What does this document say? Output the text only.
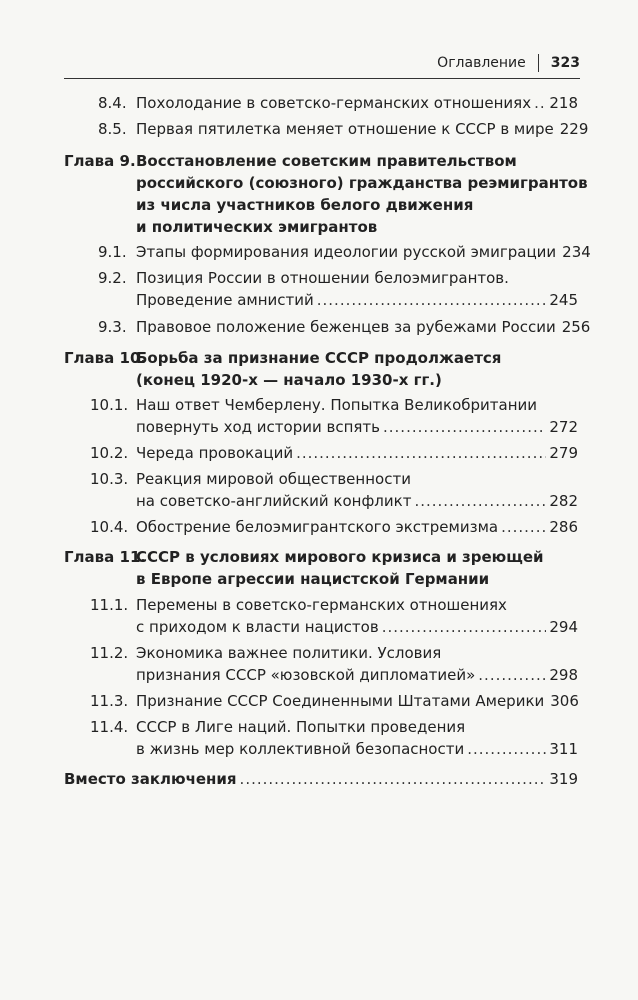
Оглавление 323
8.4. Похолодание в советско-германских отношениях ..... 218
8.5. Первая пятилетка меняет отношение к СССР в мире 229
Глава 9. Восстановление советским правительством
российского (союзного) гражданства реэмигрантов
из числа участников белого движения
и политических эмигрантов
9.1. Этапы формирования идеологии русской эмиграции 234
9.2. Позиция России в отношении белоэмигрантов.
Проведение амнистий .....	245
9.3. Правовое положение беженцев за рубежами России 256
Глава 10.
Борьба за признание СССР продолжается
(конец 1920-х — начало 1930-х гг.)
10.1. Наш ответ Чемберлену. Попытка Великобритании
повернуть ход истории вспять .....	272
10.2. Череда провокаций .....	279
10.3. Реакция мировой общественности
на советско-английский конфликт .....	282
10.4. Обострение белоэмигрантского экстремизма .....	286
Глава 11.
СССР в условиях мирового кризиса и зреющей
в Европе агрессии нацистской Германии
11.1. Перемены в советско-германских отношениях
с приходом к власти нацистов .....	294
11.2. Экономика важнее политики. Условия
признания СССР «юзовской дипломатией» .....	298
11.3. Признание СССР Соединенными Штатами Америки 306
11.4. СССР в Лиге наций. Попытки проведения
в жизнь мер коллективной безопасности .....	311
Вместо заключения .....	319
